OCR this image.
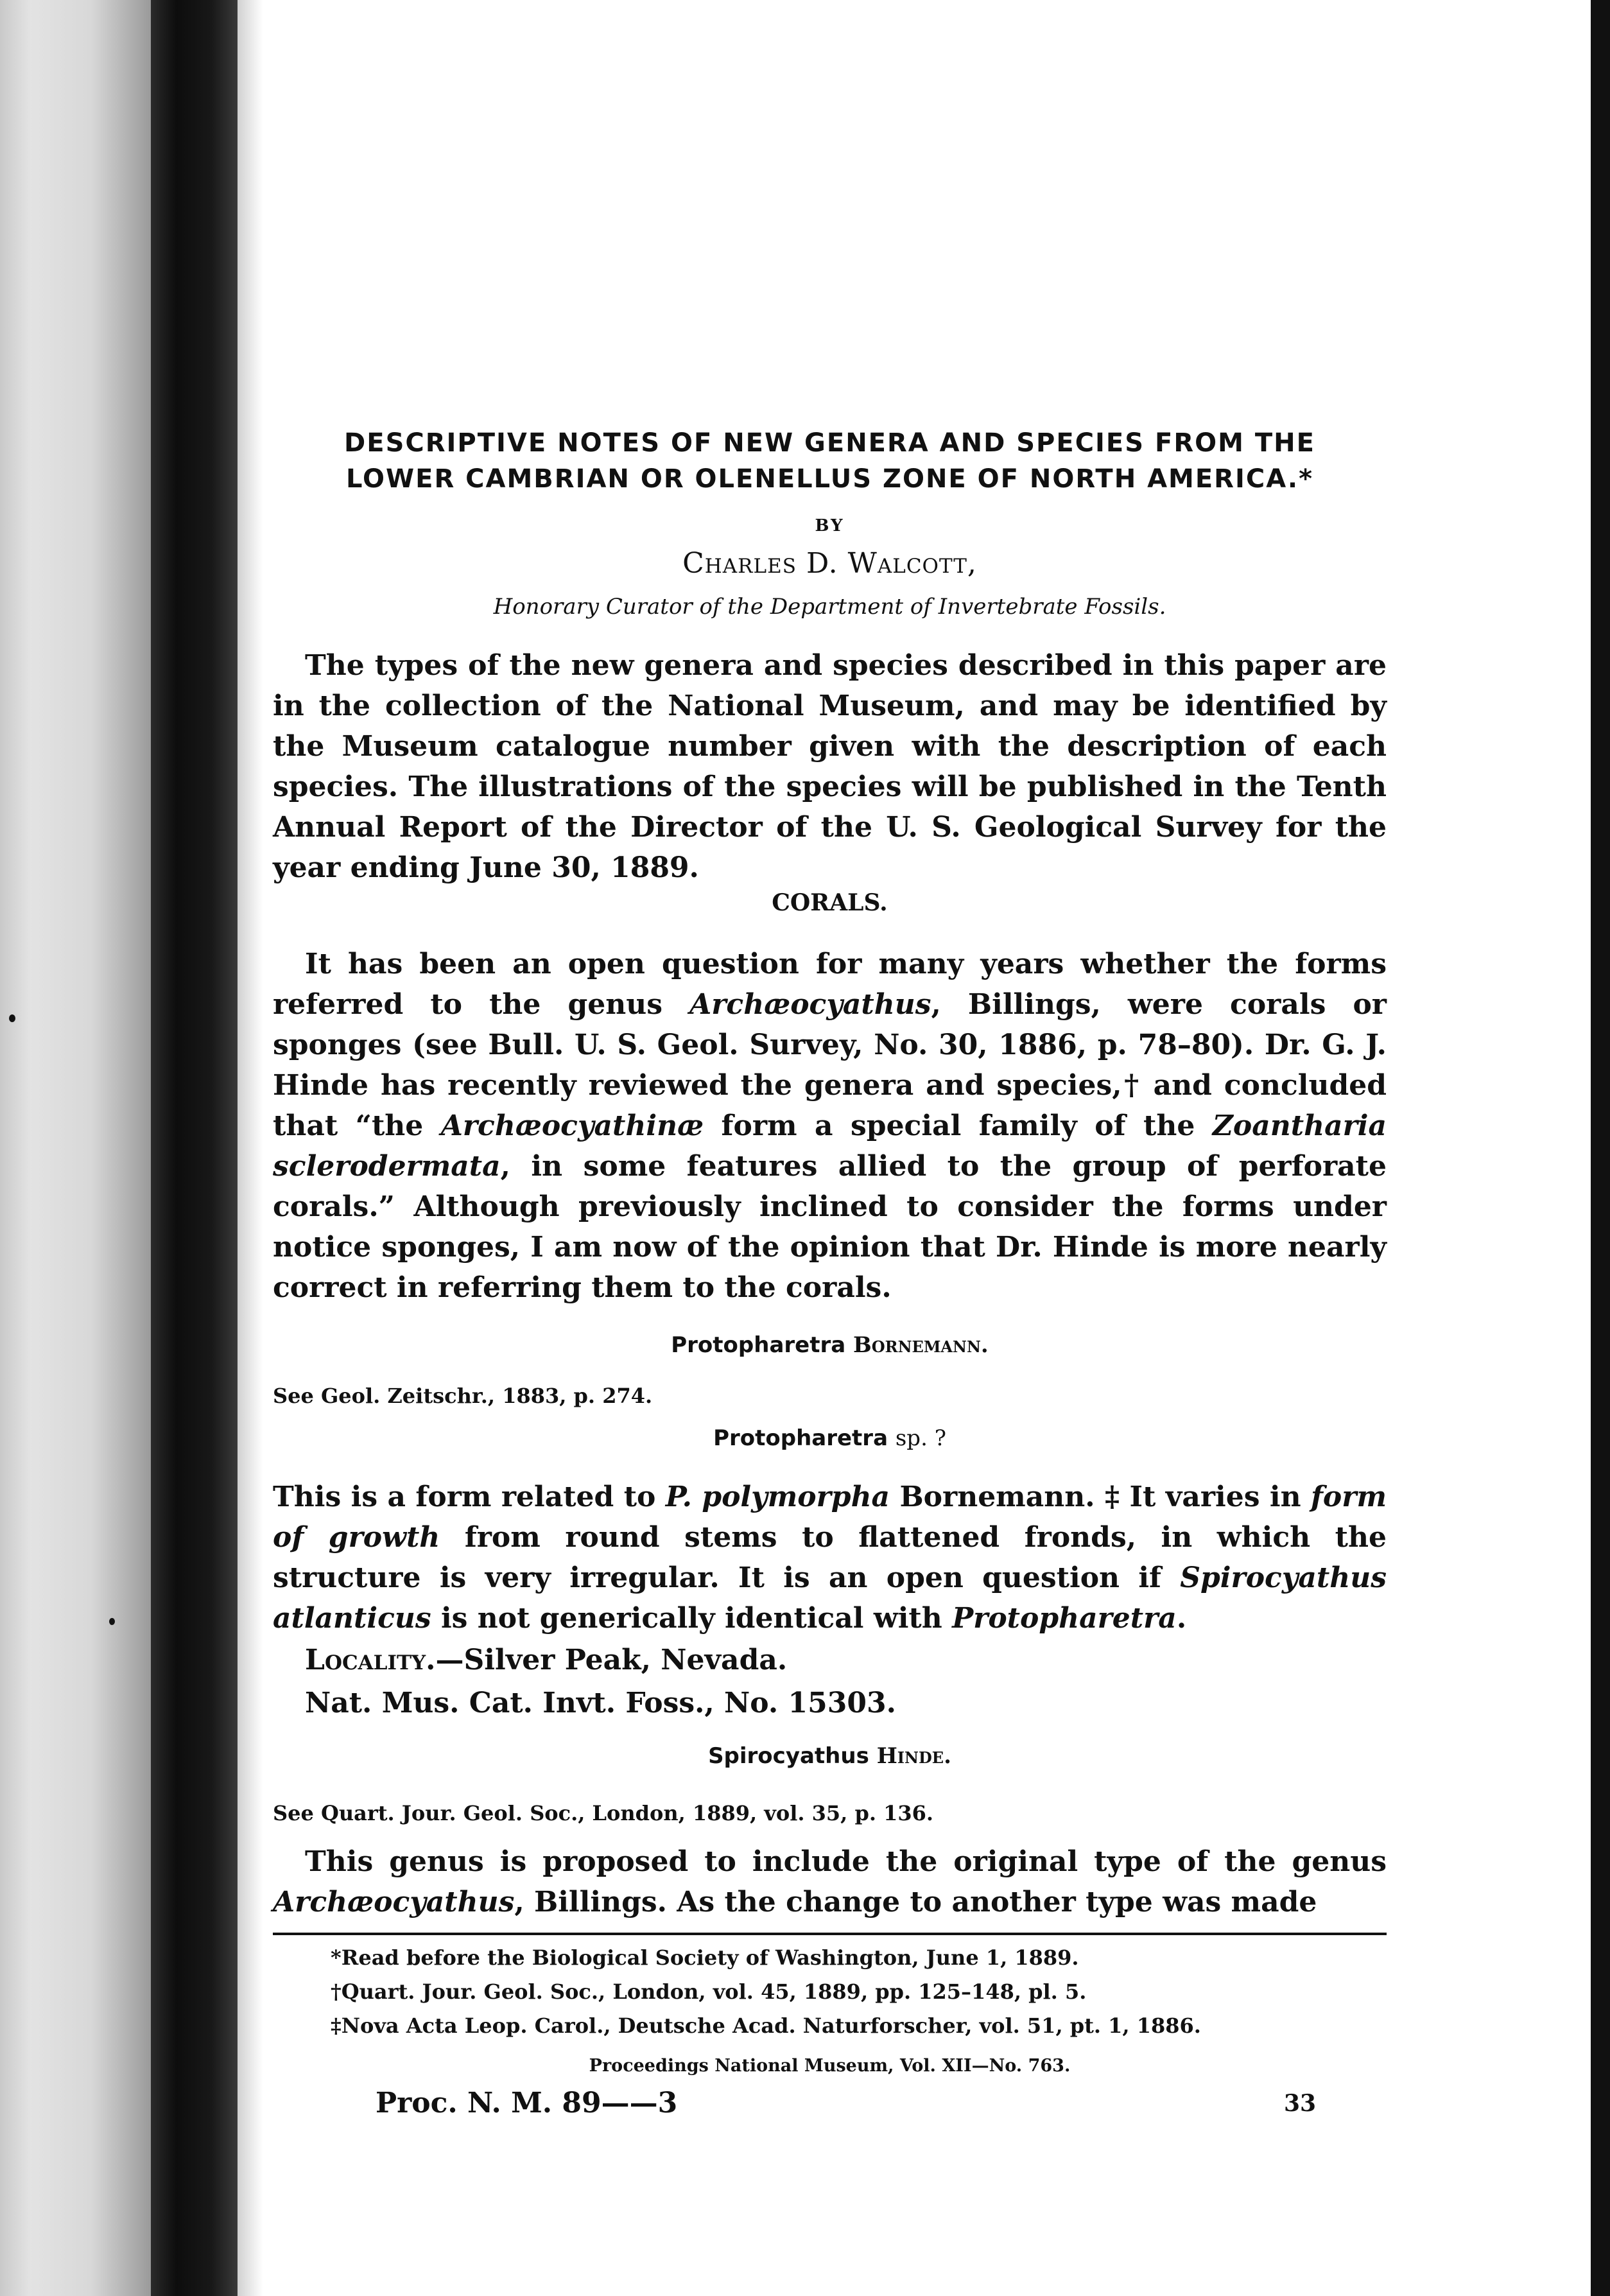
DESCRIPTIVE NOTES OF NEW GENERA AND SPECIES FROM THE
LOWER CAMBRIAN OR OLENELLUS ZONE OF NORTH AMERICA.*
BY
Charles D. Walcott,
Honorary Curator of the Department of Invertebrate Fossils.

The types of the new genera and species described in this paper are in the collection of the National Museum, and may be identified by the Museum catalogue number given with the description of each species. The illustrations of the species will be published in the Tenth Annual Report of the Director of the U. S. Geological Survey for the year ending June 30, 1889.

CORALS.

It has been an open question for many years whether the forms referred to the genus Archæocyathus, Billings, were corals or sponges (see Bull. U. S. Geol. Survey, No. 30, 1886, p. 78–80). Dr. G. J. Hinde has recently reviewed the genera and species,† and concluded that “the Archæocyathinæ form a special family of the Zoantharia sclerodermata, in some features allied to the group of perforate corals.” Although previously inclined to consider the forms under notice sponges, I am now of the opinion that Dr. Hinde is more nearly correct in referring them to the corals.

Protopharetra Bornemann.
See Geol. Zeitschr., 1883, p. 274.
Protopharetra sp. ?

This is a form related to P. polymorpha Bornemann. ‡ It varies in form of growth from round stems to flattened fronds, in which the structure is very irregular. It is an open question if Spirocyathus atlanticus is not generically identical with Protopharetra.

Locality.—Silver Peak, Nevada.
Nat. Mus. Cat. Invt. Foss., No. 15303.
Spirocyathus Hinde.
See Quart. Jour. Geol. Soc., London, 1889, vol. 35, p. 136.

This genus is proposed to include the original type of the genus Archæocyathus, Billings. As the change to another type was made

*Read before the Biological Society of Washington, June 1, 1889.
†Quart. Jour. Geol. Soc., London, vol. 45, 1889, pp. 125–148, pl. 5.
‡Nova Acta Leop. Carol., Deutsche Acad. Naturforscher, vol. 51, pt. 1, 1886.
Proceedings National Museum, Vol. XII—No. 763.
Proc. N. M. 89——3	33
